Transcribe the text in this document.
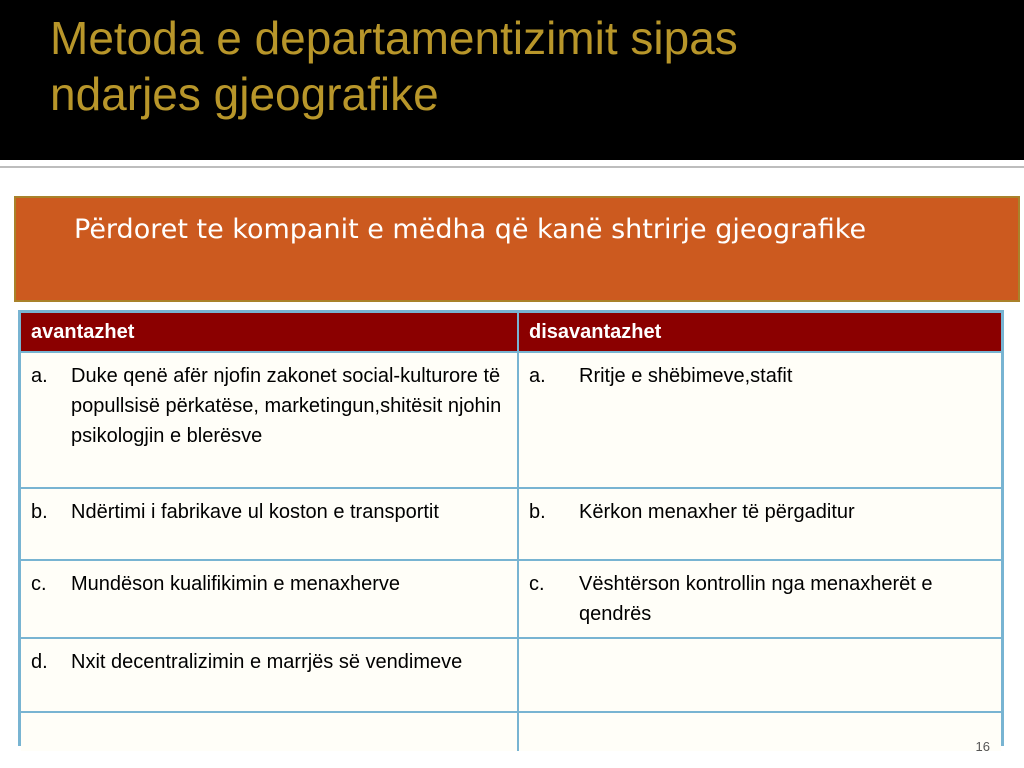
Metoda e departamentizimit sipas
ndarjes gjeografike
Përdoret te kompanit e mëdha që kanë shtrirje gjeografike
avantazhet	disavantazhet

a. Duke qenë afër njofin zakonet social-kulturore të popullsisë përkatëse, marketingun,shitësit njohin psikologjin e blerësve	a. Rritje e shëbimeve,stafit

b. Ndërtimi i fabrikave ul koston e transportit	b. Kërkon menaxher të përgaditur

c. Mundëson kualifikimin e menaxherve	c. Vështërson kontrollin nga menaxherët e qendrës

d. Nxit decentralizimin e marrjës së vendimeve	

16
